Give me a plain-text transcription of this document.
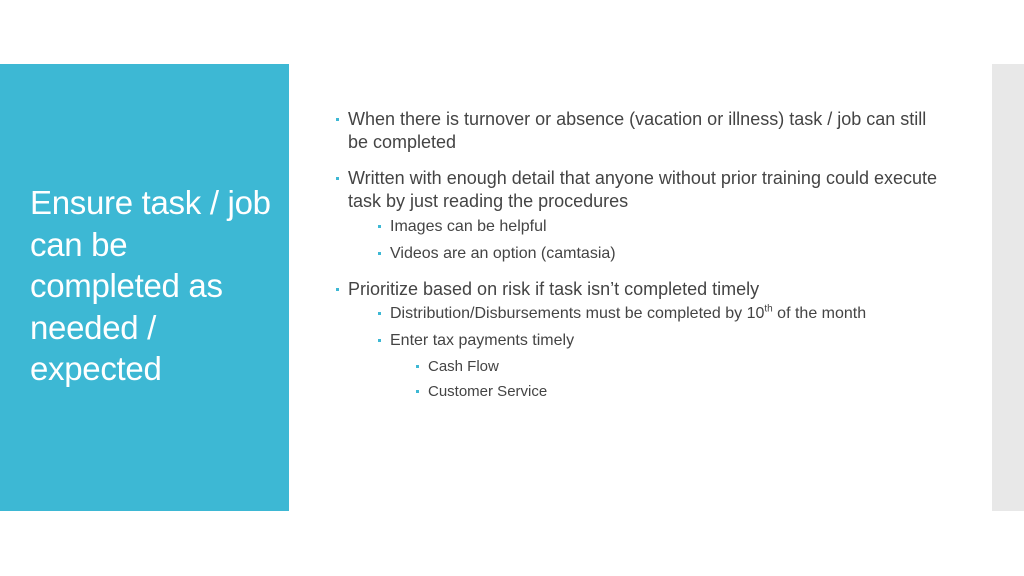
Ensure task / job can be completed as needed / expected
When there is turnover or absence (vacation or illness) task / job can still be completed
Written with enough detail that anyone without prior training could execute task by just reading the procedures
Images can be helpful
Videos are an option (camtasia)
Prioritize based on risk if task isn’t completed timely
Distribution/Disbursements must be completed by 10th of the month
Enter tax payments timely
Cash Flow
Customer Service
